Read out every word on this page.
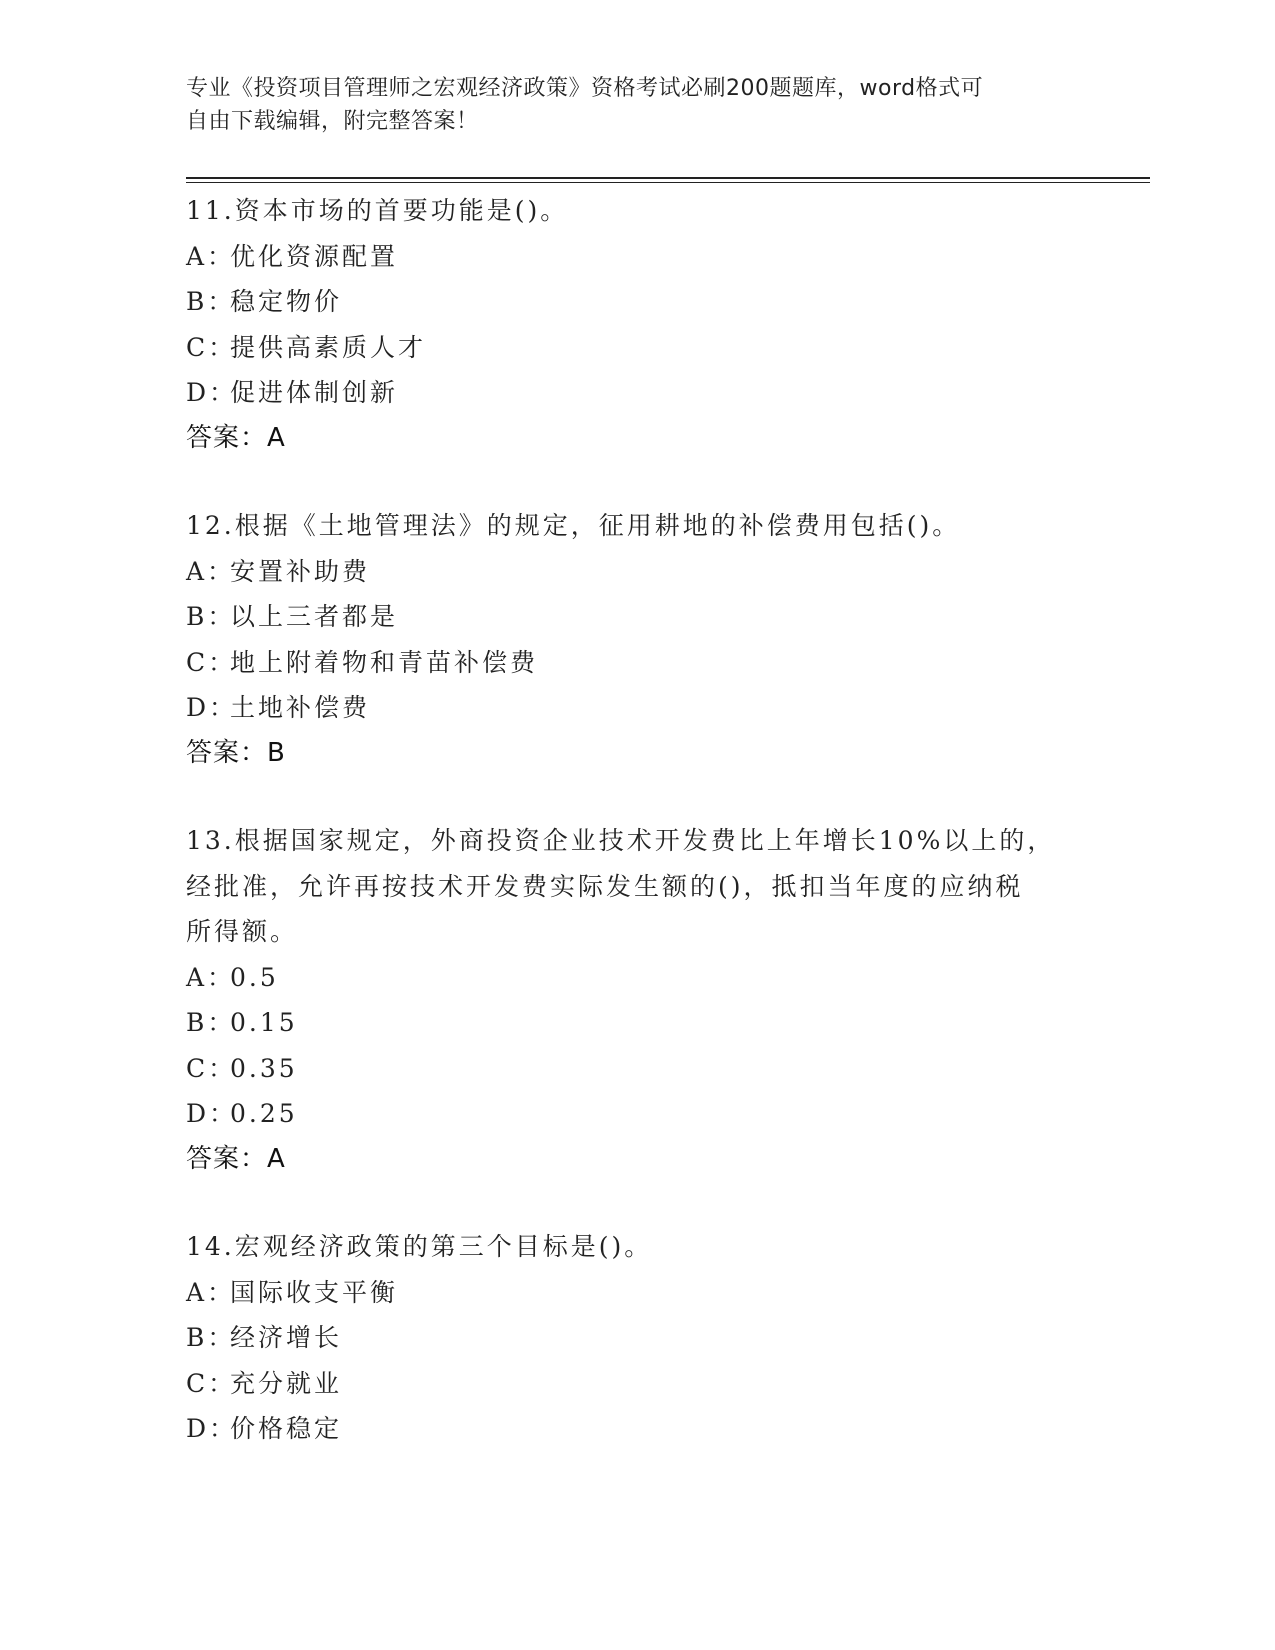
专业《投资项目管理师之宏观经济政策》资格考试必刷200题题库，word格式可
自由下载编辑，附完整答案！
11.资本市场的首要功能是()。
A：优化资源配置
B：稳定物价
C：提供高素质人才
D：促进体制创新
答案：A
12.根据《土地管理法》的规定，征用耕地的补偿费用包括()。
A：安置补助费
B：以上三者都是
C：地上附着物和青苗补偿费
D：土地补偿费
答案：B
13.根据国家规定，外商投资企业技术开发费比上年增长10%以上的，
经批准，允许再按技术开发费实际发生额的()，抵扣当年度的应纳税
所得额。
A：0.5
B：0.15
C：0.35
D：0.25
答案：A
14.宏观经济政策的第三个目标是()。
A：国际收支平衡
B：经济增长
C：充分就业
D：价格稳定
